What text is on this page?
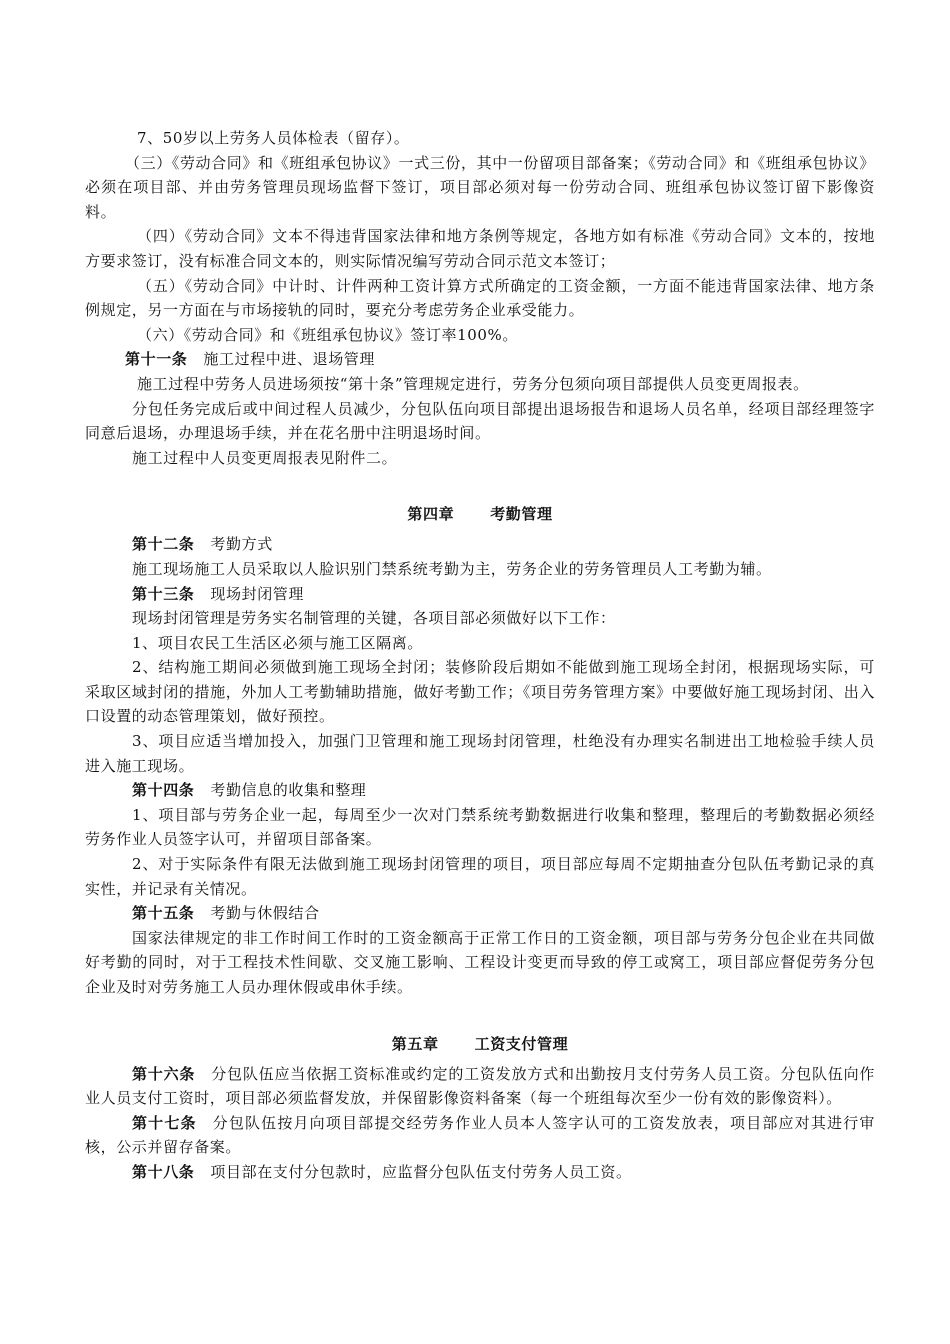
7、50岁以上劳务人员体检表（留存）。

（三）《劳动合同》和《班组承包协议》一式三份，其中一份留项目部备案；《劳动合同》和《班组承包协议》必须在项目部、并由劳务管理员现场监督下签订，项目部必须对每一份劳动合同、班组承包协议签订留下影像资料。

（四）《劳动合同》文本不得违背国家法律和地方条例等规定，各地方如有标准《劳动合同》文本的，按地方要求签订，没有标准合同文本的，则实际情况编写劳动合同示范文本签订；

（五）《劳动合同》中计时、计件两种工资计算方式所确定的工资金额，一方面不能违背国家法律、地方条例规定，另一方面在与市场接轨的同时，要充分考虑劳务企业承受能力。

（六）《劳动合同》和《班组承包协议》签订率100%。

第十一条 施工过程中进、退场管理

施工过程中劳务人员进场须按“第十条”管理规定进行，劳务分包须向项目部提供人员变更周报表。

分包任务完成后或中间过程人员减少，分包队伍向项目部提出退场报告和退场人员名单，经项目部经理签字同意后退场，办理退场手续，并在花名册中注明退场时间。

施工过程中人员变更周报表见附件二。

第四章 考勤管理

第十二条 考勤方式

施工现场施工人员采取以人脸识别门禁系统考勤为主，劳务企业的劳务管理员人工考勤为辅。

第十三条 现场封闭管理

现场封闭管理是劳务实名制管理的关键，各项目部必须做好以下工作：

1、项目农民工生活区必须与施工区隔离。

2、结构施工期间必须做到施工现场全封闭；装修阶段后期如不能做到施工现场全封闭，根据现场实际，可采取区域封闭的措施，外加人工考勤辅助措施，做好考勤工作；《项目劳务管理方案》中要做好施工现场封闭、出入口设置的动态管理策划，做好预控。

3、项目应适当增加投入，加强门卫管理和施工现场封闭管理，杜绝没有办理实名制进出工地检验手续人员进入施工现场。

第十四条 考勤信息的收集和整理

1、项目部与劳务企业一起，每周至少一次对门禁系统考勤数据进行收集和整理，整理后的考勤数据必须经劳务作业人员签字认可，并留项目部备案。

2、对于实际条件有限无法做到施工现场封闭管理的项目，项目部应每周不定期抽查分包队伍考勤记录的真实性，并记录有关情况。

第十五条 考勤与休假结合

国家法律规定的非工作时间工作时的工资金额高于正常工作日的工资金额，项目部与劳务分包企业在共同做好考勤的同时，对于工程技术性间歇、交叉施工影响、工程设计变更而导致的停工或窝工，项目部应督促劳务分包企业及时对劳务施工人员办理休假或串休手续。

第五章 工资支付管理

第十六条 分包队伍应当依据工资标准或约定的工资发放方式和出勤按月支付劳务人员工资。分包队伍向作业人员支付工资时，项目部必须监督发放，并保留影像资料备案（每一个班组每次至少一份有效的影像资料）。

第十七条 分包队伍按月向项目部提交经劳务作业人员本人签字认可的工资发放表，项目部应对其进行审核，公示并留存备案。

第十八条 项目部在支付分包款时，应监督分包队伍支付劳务人员工资。
